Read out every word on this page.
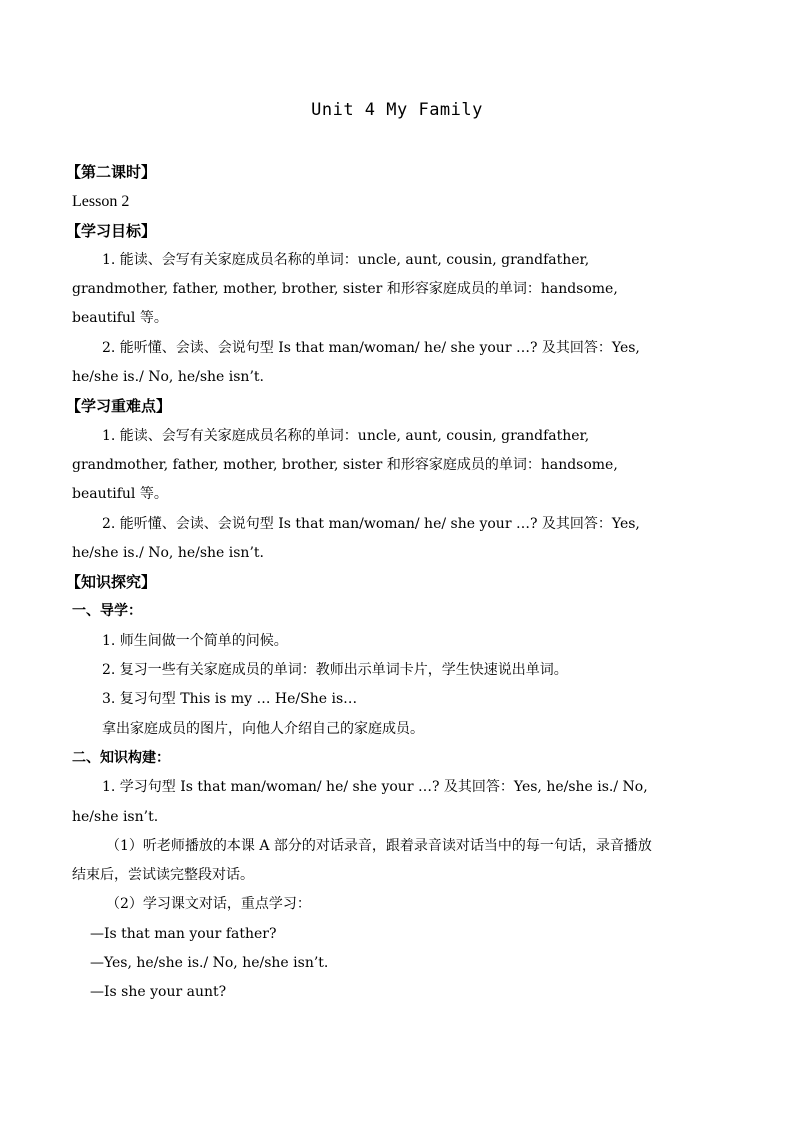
Unit 4 My Family
【第二课时】
Lesson 2
【学习目标】
1. 能读、会写有关家庭成员名称的单词：uncle, aunt, cousin, grandfather,
grandmother, father, mother, brother, sister 和形容家庭成员的单词：handsome,
beautiful 等。
2. 能听懂、会读、会说句型 Is that man/woman/ he/ she your …? 及其回答：Yes,
he/she is./ No, he/she isn’t.
【学习重难点】
1. 能读、会写有关家庭成员名称的单词：uncle, aunt, cousin, grandfather,
grandmother, father, mother, brother, sister 和形容家庭成员的单词：handsome,
beautiful 等。
2. 能听懂、会读、会说句型 Is that man/woman/ he/ she your …? 及其回答：Yes,
he/she is./ No, he/she isn’t.
【知识探究】
一、导学：
1. 师生间做一个简单的问候。
2. 复习一些有关家庭成员的单词：教师出示单词卡片，学生快速说出单词。
3. 复习句型 This is my … He/She is…
拿出家庭成员的图片，向他人介绍自己的家庭成员。
二、知识构建：
1. 学习句型 Is that man/woman/ he/ she your …? 及其回答：Yes, he/she is./ No,
he/she isn’t.
（1）听老师播放的本课 A 部分的对话录音，跟着录音读对话当中的每一句话，录音播放
结束后，尝试读完整段对话。
（2）学习课文对话，重点学习：
—Is that man your father?
—Yes, he/she is./ No, he/she isn’t.
—Is she your aunt?
